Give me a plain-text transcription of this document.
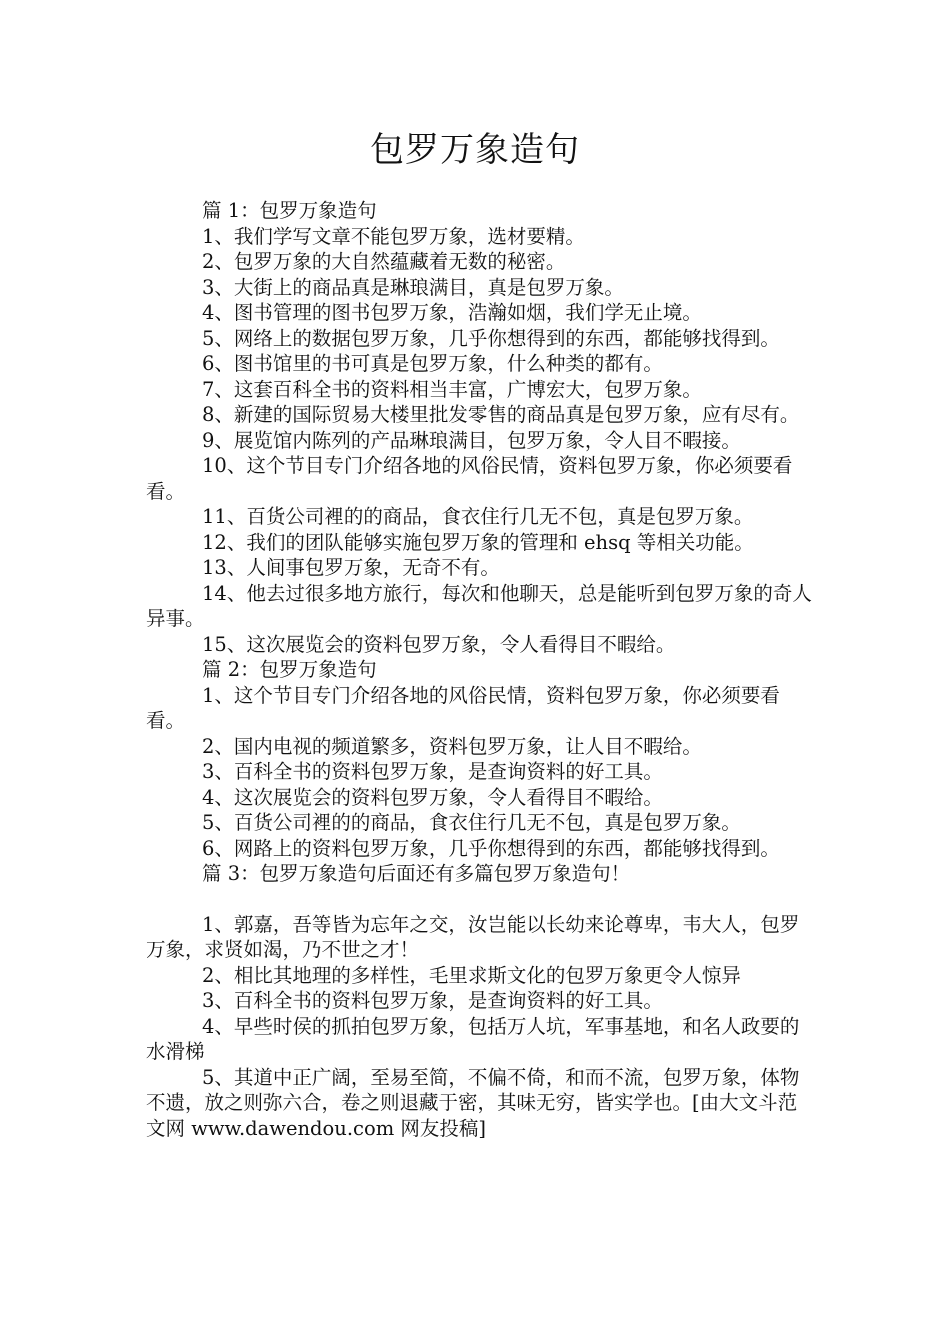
包罗万象造句

篇 1：包罗万象造句

1、我们学写文章不能包罗万象，选材要精。

2、包罗万象的大自然蕴藏着无数的秘密。

3、大街上的商品真是琳琅满目，真是包罗万象。

4、图书管理的图书包罗万象，浩瀚如烟，我们学无止境。

5、网络上的数据包罗万象，几乎你想得到的东西，都能够找得到。

6、图书馆里的书可真是包罗万象，什么种类的都有。

7、这套百科全书的资料相当丰富，广博宏大，包罗万象。

8、新建的国际贸易大楼里批发零售的商品真是包罗万象，应有尽有。

9、展览馆内陈列的产品琳琅满目，包罗万象，令人目不暇接。

10、这个节目专门介绍各地的风俗民情，资料包罗万象，你必须要看看。

11、百货公司裡的的商品，食衣住行几无不包，真是包罗万象。

12、我们的团队能够实施包罗万象的管理和 ehsq 等相关功能。

13、人间事包罗万象，无奇不有。

14、他去过很多地方旅行，每次和他聊天，总是能听到包罗万象的奇人异事。

15、这次展览会的资料包罗万象，令人看得目不暇给。

篇 2：包罗万象造句

1、这个节目专门介绍各地的风俗民情，资料包罗万象，你必须要看看。

2、国内电视的频道繁多，资料包罗万象，让人目不暇给。

3、百科全书的资料包罗万象，是查询资料的好工具。

4、这次展览会的资料包罗万象，令人看得目不暇给。

5、百货公司裡的的商品，食衣住行几无不包，真是包罗万象。

6、网路上的资料包罗万象，几乎你想得到的东西，都能够找得到。

篇 3：包罗万象造句后面还有多篇包罗万象造句！

1、郭嘉，吾等皆为忘年之交，汝岂能以长幼来论尊卑，韦大人，包罗万象，求贤如渴，乃不世之才！

2、相比其地理的多样性，毛里求斯文化的包罗万象更令人惊异

3、百科全书的资料包罗万象，是查询资料的好工具。

4、早些时侯的抓拍包罗万象，包括万人坑，军事基地，和名人政要的水滑梯

5、其道中正广阔，至易至简，不偏不倚，和而不流，包罗万象，体物不遗，放之则弥六合，卷之则退藏于密，其味无穷，皆实学也。[由大文斗范文网 www.dawendou.com 网友投稿]
